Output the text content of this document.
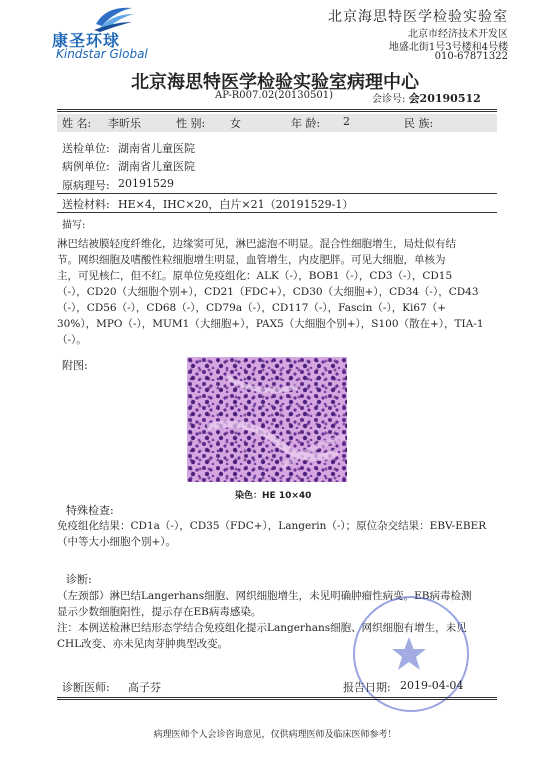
康圣环球
Kindstar Global
北京海思特医学检验实验室
北京市经济技术开发区
地盛北街1号3号楼和4号楼
010-67871322
北京海思特医学检验实验室病理中心
AP-R007.02(20130501)	会诊号: 会20190512
姓 名: 李昕乐	性 别: 女	年 龄: 2	民 族:
送检单位: 湖南省儿童医院
病例单位: 湖南省儿童医院
原病理号: 20191529
送检材料: HE×4，IHC×20，白片×21（20191529-1）
描写:

淋巴结被膜轻度纤维化，边缘窦可见，淋巴滤泡不明显。混合性细胞增生，局灶似有结

节。网织细胞及嗜酸性粒细胞增生明显，血管增生，内皮肥胖。可见大细胞，单核为

主，可见核仁，但不红。原单位免疫组化：ALK（-），BOB1（-），CD3（-），CD15

（-），CD20（大细胞个别+），CD21（FDC+），CD30（大细胞+），CD34（-），CD43

（-），CD56（-），CD68（-），CD79a（-），CD117（-），Fascin（-），Ki67（+

30%），MPO（-），MUM1（大细胞+），PAX5（大细胞个别+），S100（散在+），TIA-1

（-）。

附图:
染色：HE 10×40
特殊检查:

免疫组化结果：CD1a（-），CD35（FDC+），Langerin（-）；原位杂交结果：EBV-EBER

（中等大小细胞个别+）。

诊断:

（左颈部）淋巴结Langerhans细胞、网织细胞增生，未见明确肿瘤性病变。EB病毒检测

显示少数细胞阳性，提示存在EB病毒感染。

注：本例送检淋巴结形态学结合免疫组化提示Langerhans细胞、网织细胞有增生，未见

CHL改变、亦未见肉芽肿典型改变。

诊断医师: 高子芬	报告日期: 2019-04-04
病理医师个人会诊咨询意见，仅供病理医师及临床医师参考！
